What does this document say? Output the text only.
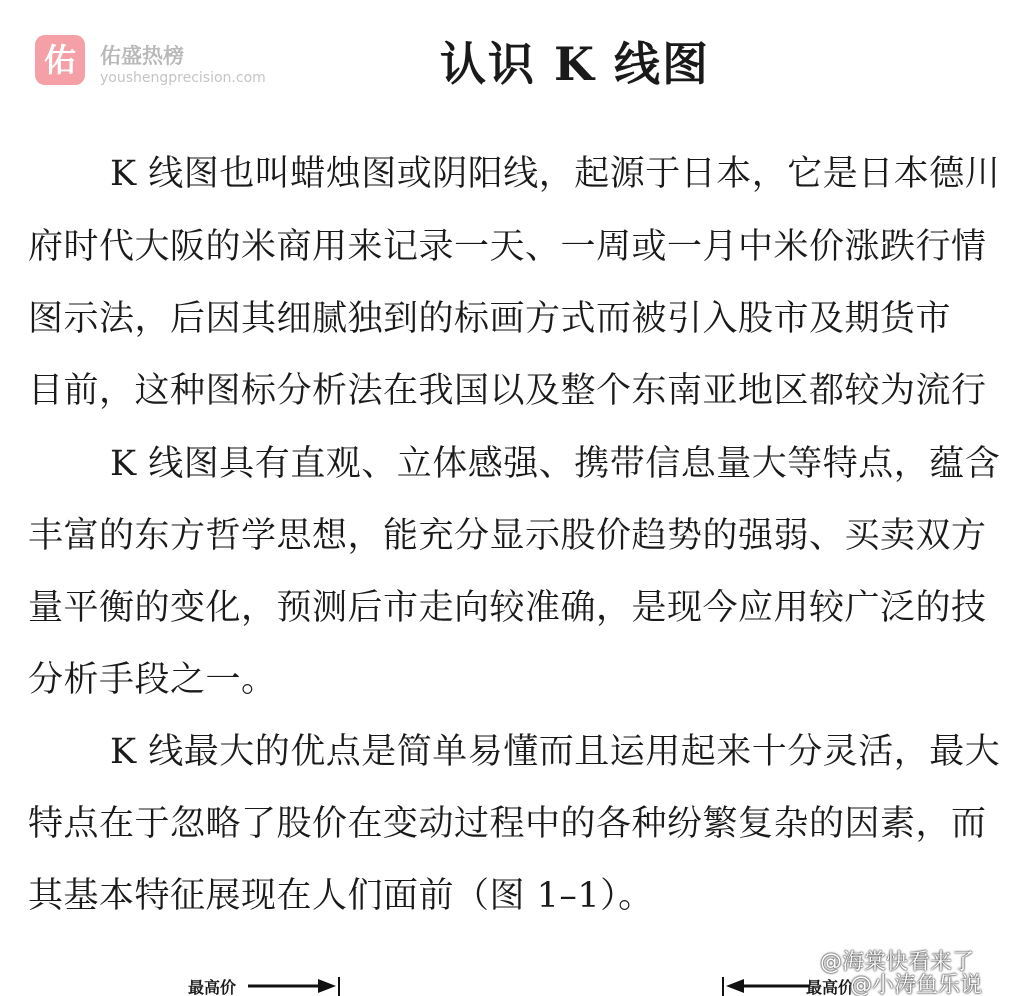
佑	佑盛热榜
youshengprecision.com	认识 K 线图
K 线图也叫蜡烛图或阴阳线，起源于日本，它是日本德川
府时代大阪的米商用来记录一天、一周或一月中米价涨跌行情
图示法，后因其细腻独到的标画方式而被引入股市及期货市
目前，这种图标分析法在我国以及整个东南亚地区都较为流行
K 线图具有直观、立体感强、携带信息量大等特点，蕴含
丰富的东方哲学思想，能充分显示股价趋势的强弱、买卖双方
量平衡的变化，预测后市走向较准确，是现今应用较广泛的技
分析手段之一。
K 线最大的优点是简单易懂而且运用起来十分灵活，最大
特点在于忽略了股价在变动过程中的各种纷繁复杂的因素，而
其基本特征展现在人们面前（图 1–1）。
最高价	最高价
@海棠快看来了
@小涛鱼乐说
